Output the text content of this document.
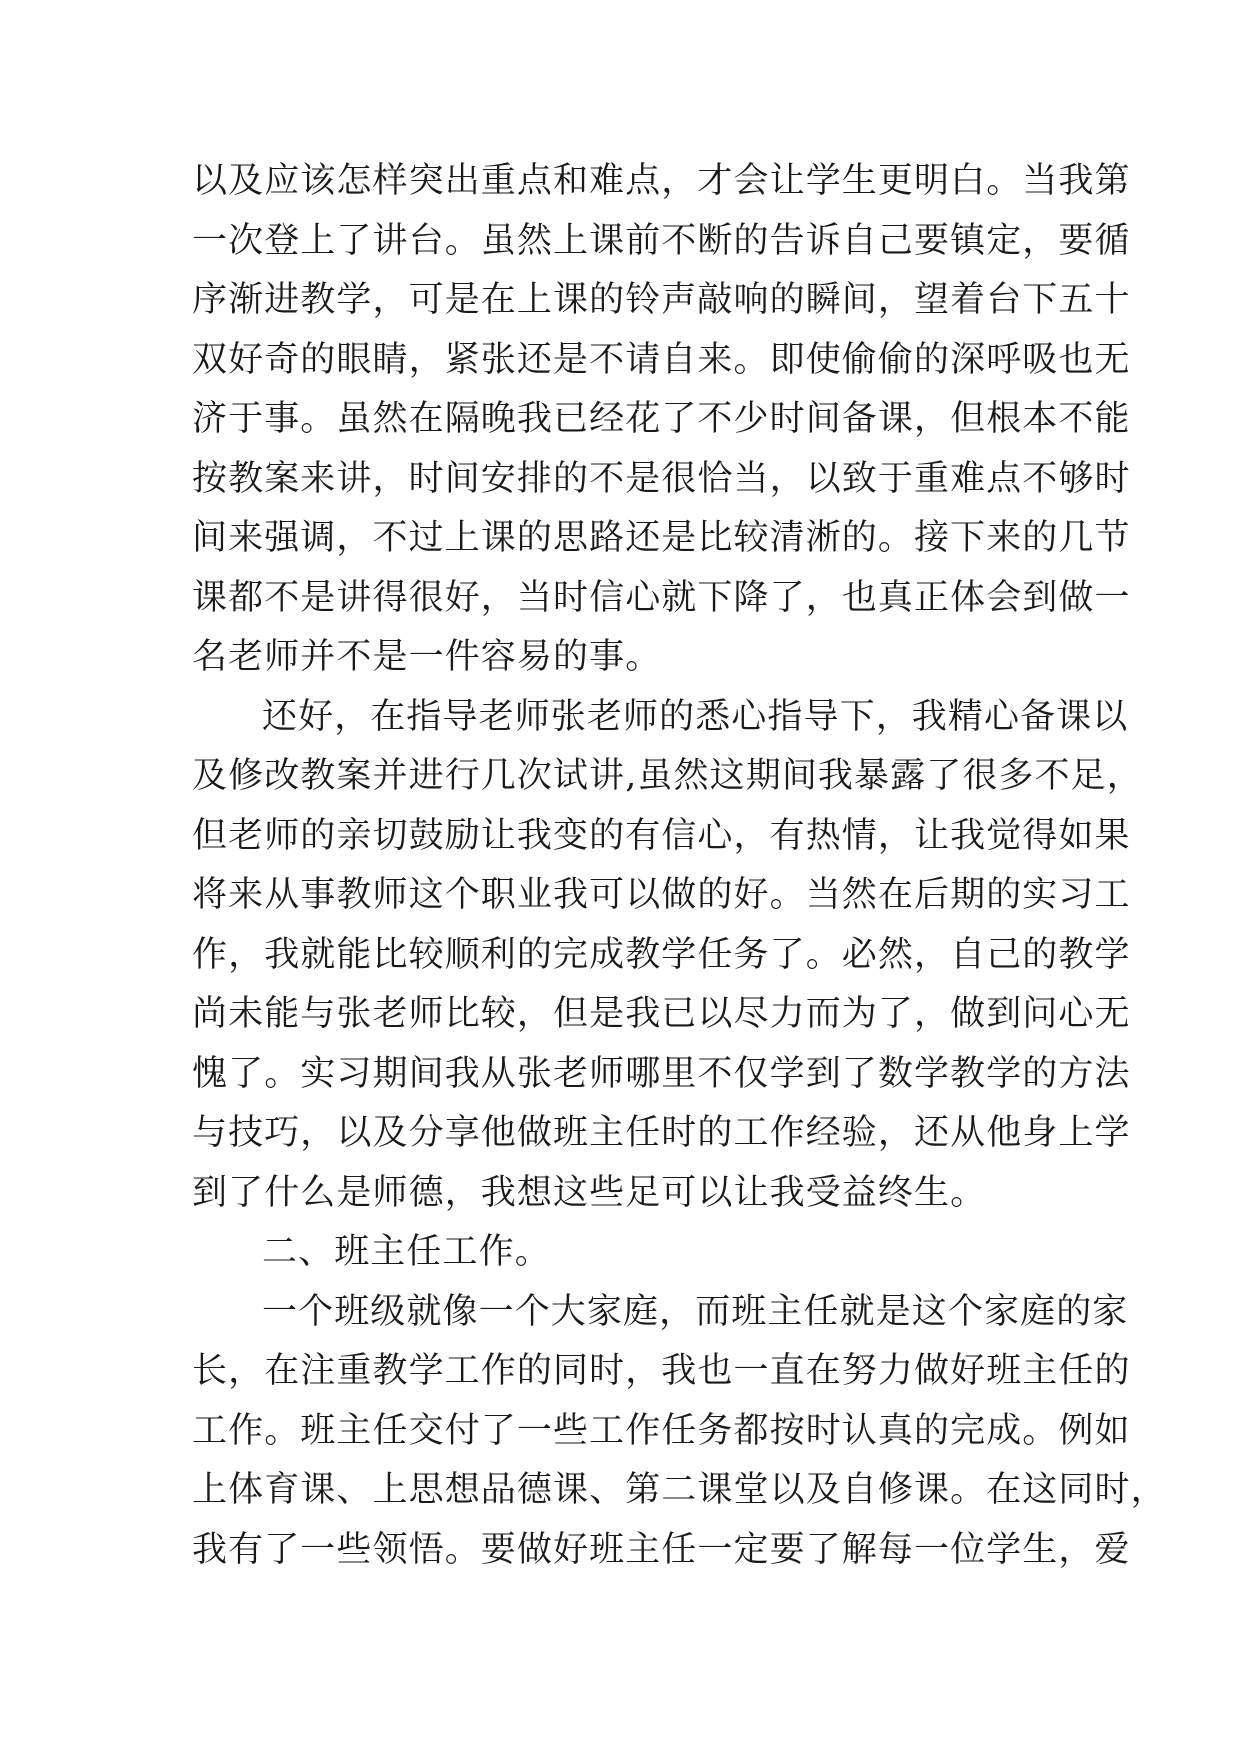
以及应该怎样突出重点和难点，才会让学生更明白。当我第
一次登上了讲台。虽然上课前不断的告诉自己要镇定，要循
序渐进教学，可是在上课的铃声敲响的瞬间，望着台下五十
双好奇的眼睛，紧张还是不请自来。即使偷偷的深呼吸也无
济于事。虽然在隔晚我已经花了不少时间备课，但根本不能
按教案来讲，时间安排的不是很恰当，以致于重难点不够时
间来强调，不过上课的思路还是比较清淅的。接下来的几节
课都不是讲得很好，当时信心就下降了，也真正体会到做一
名老师并不是一件容易的事。
还好，在指导老师张老师的悉心指导下，我精心备课以
及修改教案并进行几次试讲,虽然这期间我暴露了很多不足，
但老师的亲切鼓励让我变的有信心，有热情，让我觉得如果
将来从事教师这个职业我可以做的好。当然在后期的实习工
作，我就能比较顺利的完成教学任务了。必然，自己的教学
尚未能与张老师比较，但是我已以尽力而为了，做到问心无
愧了。实习期间我从张老师哪里不仅学到了数学教学的方法
与技巧，以及分享他做班主任时的工作经验，还从他身上学
到了什么是师德，我想这些足可以让我受益终生。
二、班主任工作。
一个班级就像一个大家庭，而班主任就是这个家庭的家
长，在注重教学工作的同时，我也一直在努力做好班主任的
工作。班主任交付了一些工作任务都按时认真的完成。例如
上体育课、上思想品德课、第二课堂以及自修课。在这同时，
我有了一些领悟。要做好班主任一定要了解每一位学生，爱
